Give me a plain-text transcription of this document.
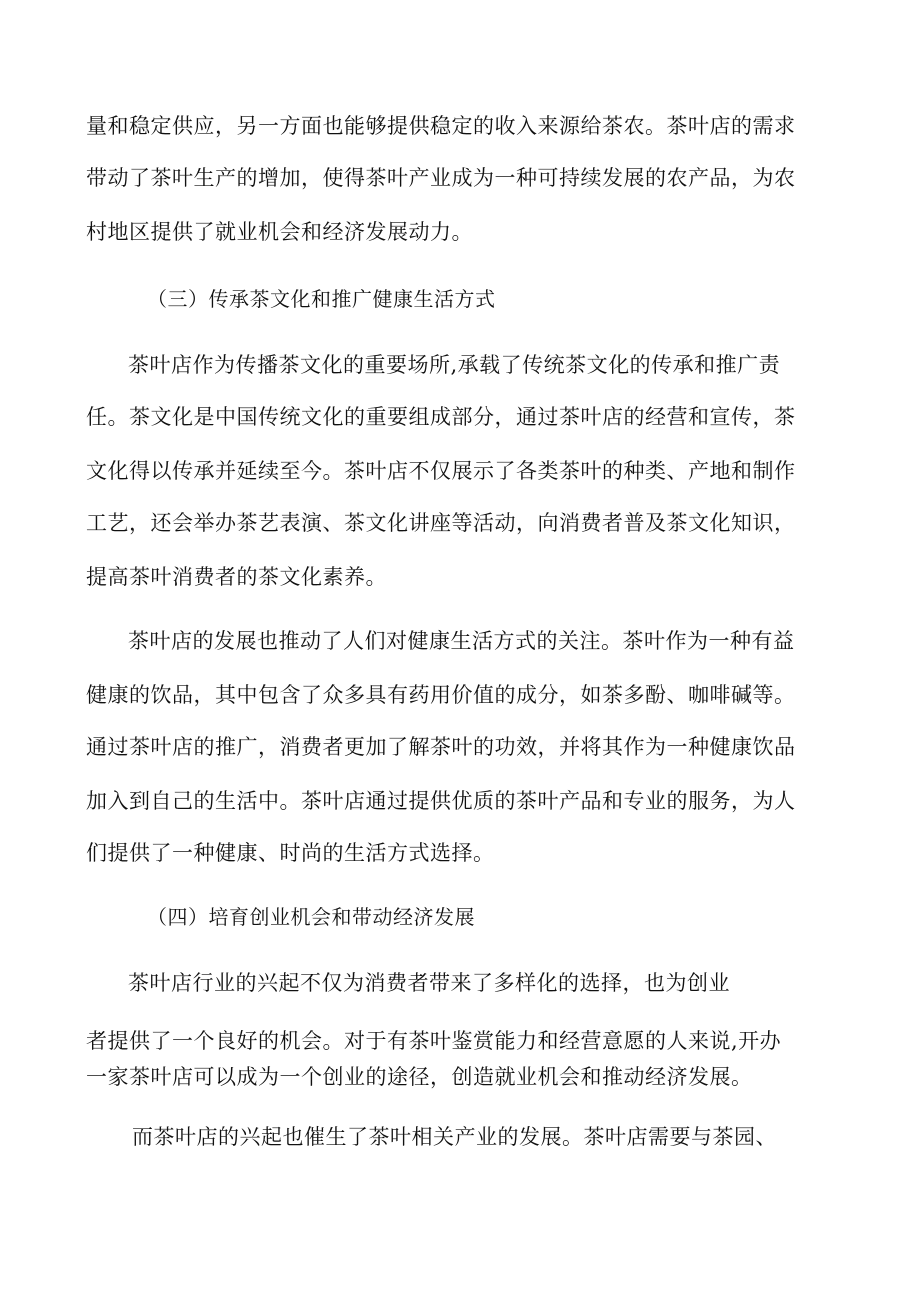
量和稳定供应，另一方面也能够提供稳定的收入来源给茶农。茶叶店的需求
带动了茶叶生产的增加，使得茶叶产业成为一种可持续发展的农产品，为农
村地区提供了就业机会和经济发展动力。
（三）传承茶文化和推广健康生活方式
茶叶店作为传播茶文化的重要场所,承载了传统茶文化的传承和推广责
任。茶文化是中国传统文化的重要组成部分，通过茶叶店的经营和宣传，茶
文化得以传承并延续至今。茶叶店不仅展示了各类茶叶的种类、产地和制作
工艺，还会举办茶艺表演、茶文化讲座等活动，向消费者普及茶文化知识，
提高茶叶消费者的茶文化素养。
茶叶店的发展也推动了人们对健康生活方式的关注。茶叶作为一种有益
健康的饮品，其中包含了众多具有药用价值的成分，如茶多酚、咖啡碱等。
通过茶叶店的推广，消费者更加了解茶叶的功效，并将其作为一种健康饮品
加入到自己的生活中。茶叶店通过提供优质的茶叶产品和专业的服务，为人
们提供了一种健康、时尚的生活方式选择。
（四）培育创业机会和带动经济发展
茶叶店行业的兴起不仅为消费者带来了多样化的选择，也为创业
者提供了一个良好的机会。对于有茶叶鉴赏能力和经营意愿的人来说,开办
一家茶叶店可以成为一个创业的途径，创造就业机会和推动经济发展。
而茶叶店的兴起也催生了茶叶相关产业的发展。茶叶店需要与茶园、
